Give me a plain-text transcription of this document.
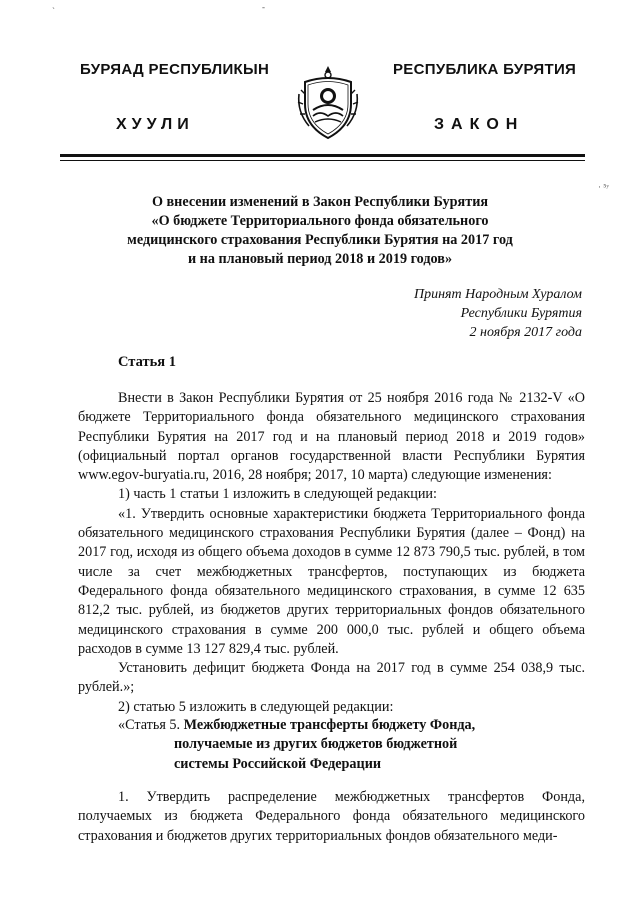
`	-
· ⁵ʸ
БУРЯАД РЕСПУБЛИКЫН
ХУУЛИ
РЕСПУБЛИКА БУРЯТИЯ
ЗАКОН
О внесении изменений в Закон Республики Бурятия
«О бюджете Территориального фонда обязательного
медицинского страхования Республики Бурятия на 2017 год
и на плановый период 2018 и 2019 годов»
Принят Народным Хуралом
Республики Бурятия
2 ноября 2017 года
Статья 1

Внести в Закон Республики Бурятия от 25 ноября 2016 года № 2132-V «О бюджете Территориального фонда обязательного медицинского страхования Республики Бурятия на 2017 год и на плановый период 2018 и 2019 годов» (официальный портал органов государственной власти Республики Бурятия www.egov-buryatia.ru, 2016, 28 ноября; 2017, 10 марта) следующие изменения:

1) часть 1 статьи 1 изложить в следующей редакции:

«1. Утвердить основные характеристики бюджета Территориального фонда обязательного медицинского страхования Республики Бурятия (далее – Фонд) на 2017 год, исходя из общего объема доходов в сумме 12 873 790,5 тыс. рублей, в том числе за счет межбюджетных трансфертов, поступающих из бюджета Федерального фонда обязательного медицинского страхования, в сумме 12 635 812,2 тыс. рублей, из бюджетов других территориальных фондов обязательного медицинского страхования в сумме 200 000,0 тыс. рублей и общего объема расходов в сумме 13 127 829,4 тыс. рублей.

Установить дефицит бюджета Фонда на 2017 год в сумме 254 038,9 тыс. рублей.»;

2) статью 5 изложить в следующей редакции:

«Статья 5. Межбюджетные трансферты бюджету Фонда,
получаемые из других бюджетов бюджетной
системы Российской Федерации

1. Утвердить распределение межбюджетных трансфертов Фонда, получаемых из бюджета Федерального фонда обязательного медицинского страхования и бюджетов других территориальных фондов обязательного меди-
